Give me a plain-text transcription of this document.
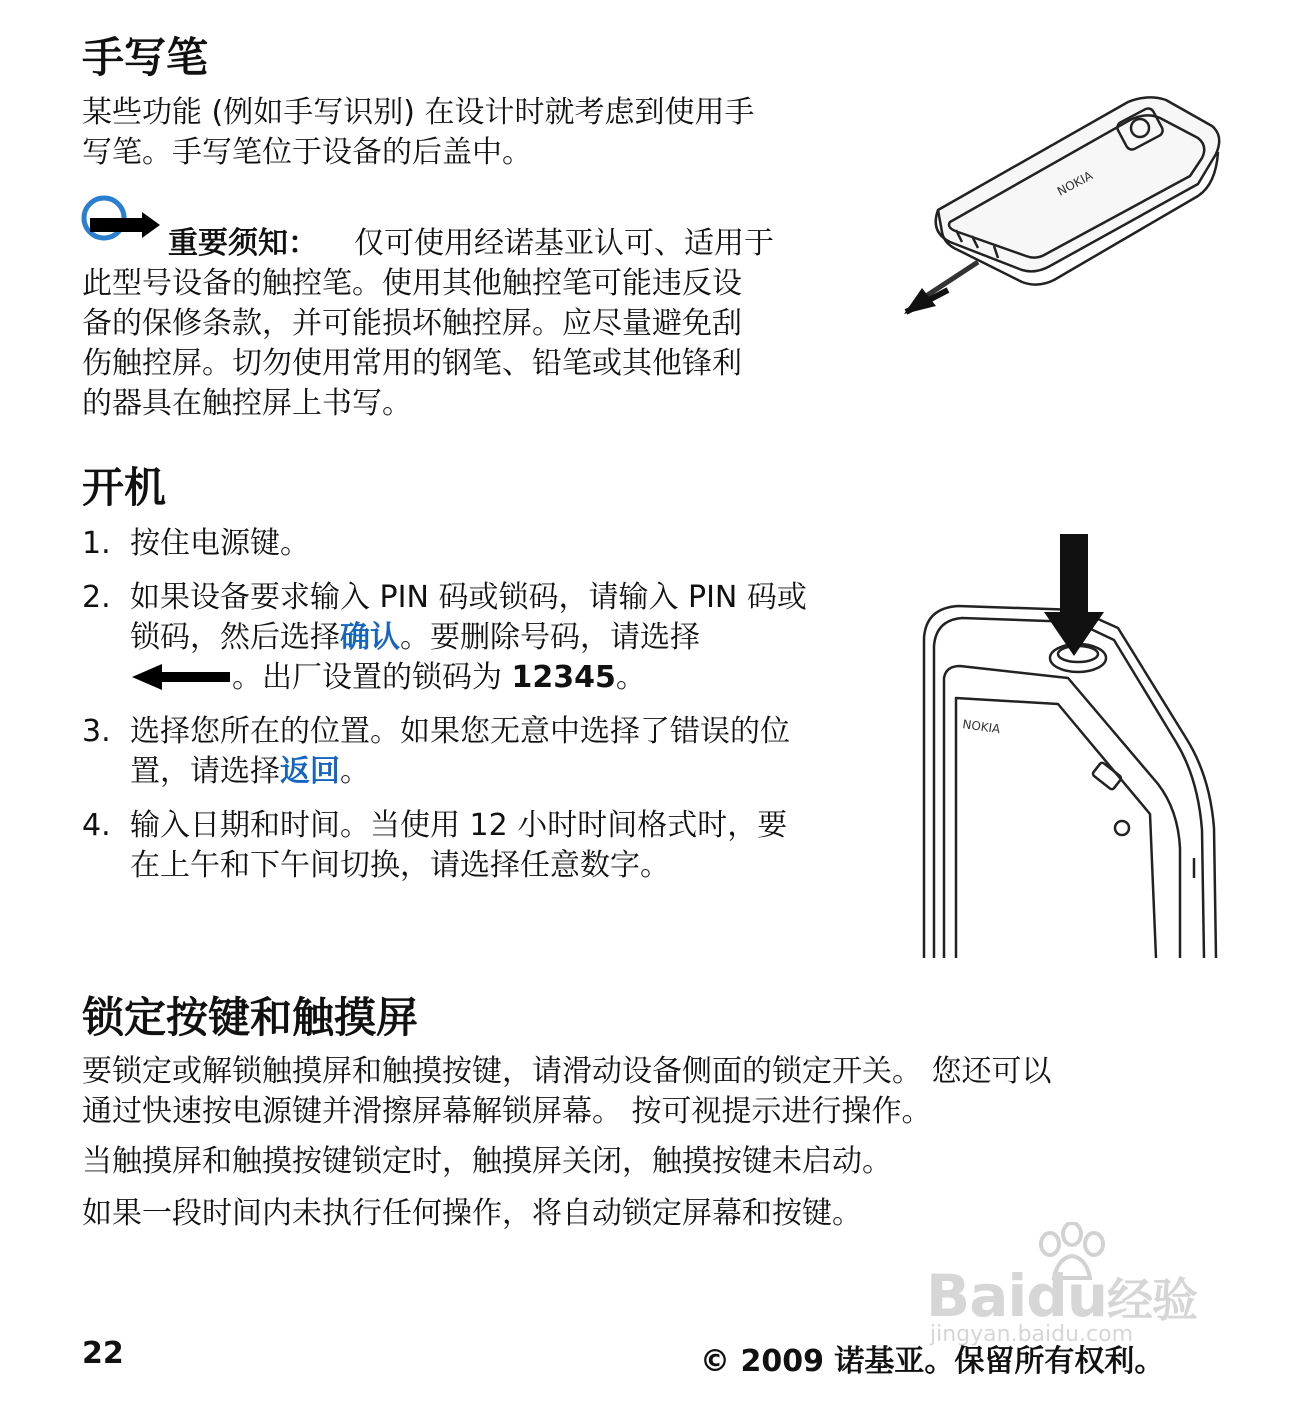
手写笔

某些功能 (例如手写识别) 在设计时就考虑到使用手

写笔。手写笔位于设备的后盖中。

重要须知： 仅可使用经诺基亚认可、适用于

此型号设备的触控笔。使用其他触控笔可能违反设

备的保修条款，并可能损坏触控屏。应尽量避免刮

伤触控屏。切勿使用常用的钢笔、铅笔或其他锋利

的器具在触控屏上书写。

NOKIA
开机
1. 按住电源键。
2. 如果设备要求输入 PIN 码或锁码，请输入 PIN 码或
锁码，然后选择确认。要删除号码，请选择
。出厂设置的锁码为 12345。
3. 选择您所在的位置。如果您无意中选择了错误的位
置，请选择返回。
4. 输入日期和时间。当使用 12 小时时间格式时，要
在上午和下午间切换，请选择任意数字。
NOKIA
锁定按键和触摸屏

要锁定或解锁触摸屏和触摸按键，请滑动设备侧面的锁定开关。 您还可以

通过快速按电源键并滑擦屏幕解锁屏幕。 按可视提示进行操作。

当触摸屏和触摸按键锁定时，触摸屏关闭，触摸按键未启动。

如果一段时间内未执行任何操作，将自动锁定屏幕和按键。

Baidu经验
jingyan.baidu.com
22	© 2009 诺基亚。保留所有权利。
